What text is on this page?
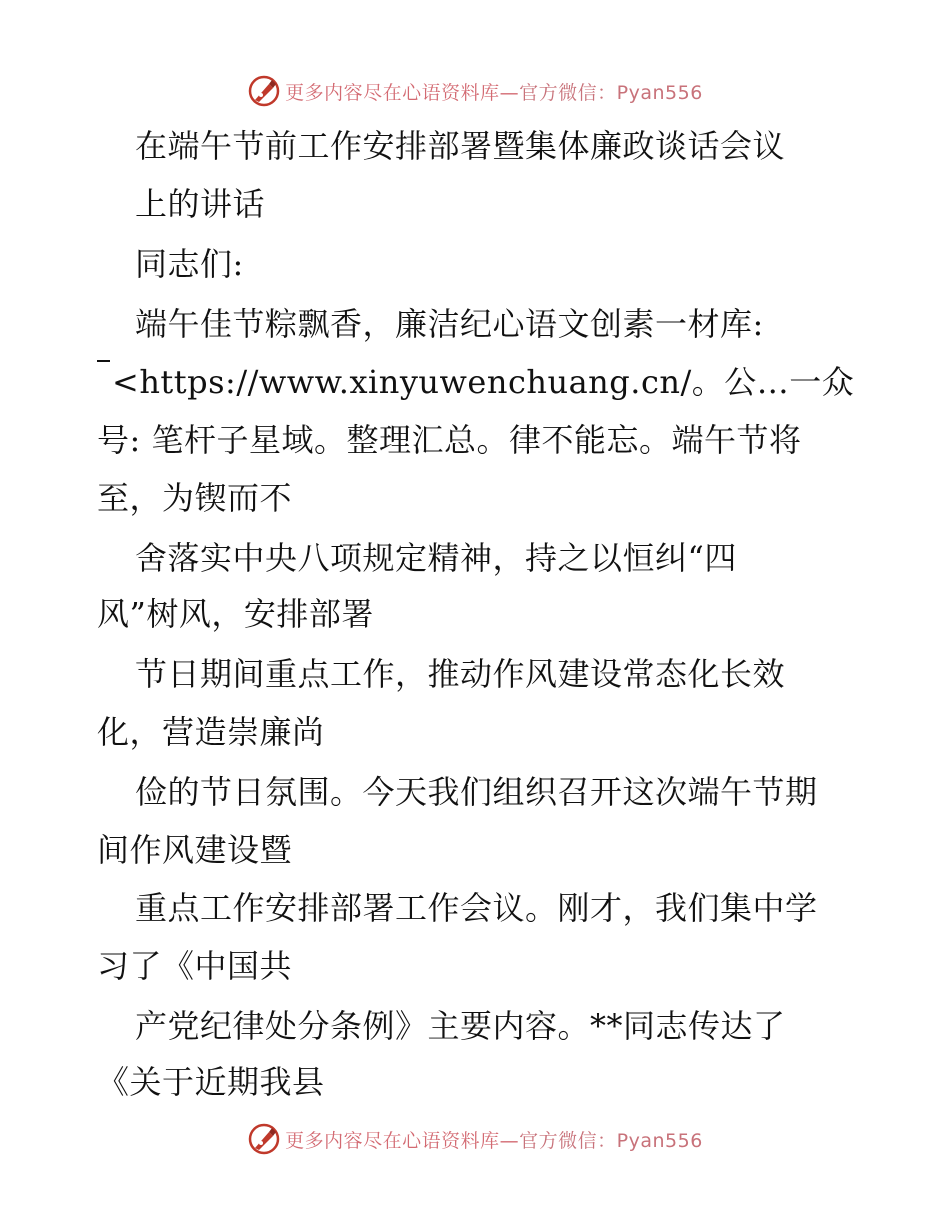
更多内容尽在心语资料库—官方微信：Pyan556
在端午节前工作安排部署暨集体廉政谈话会议
上的讲话
同志们:
端午佳节粽飘香，廉洁纪心语文创素一材库:
<https://www.xinyuwenchuang.cn/。公…一众
号: 笔杆子星域。整理汇总。律不能忘。端午节将
至，为锲而不
舍落实中央八项规定精神，持之以恒纠“四
风”树风，安排部署
节日期间重点工作，推动作风建设常态化长效
化，营造崇廉尚
俭的节日氛围。今天我们组织召开这次端午节期
间作风建设暨
重点工作安排部署工作会议。刚才，我们集中学
习了《中国共
产党纪律处分条例》主要内容。**同志传达了
《关于近期我县
更多内容尽在心语资料库—官方微信：Pyan556
